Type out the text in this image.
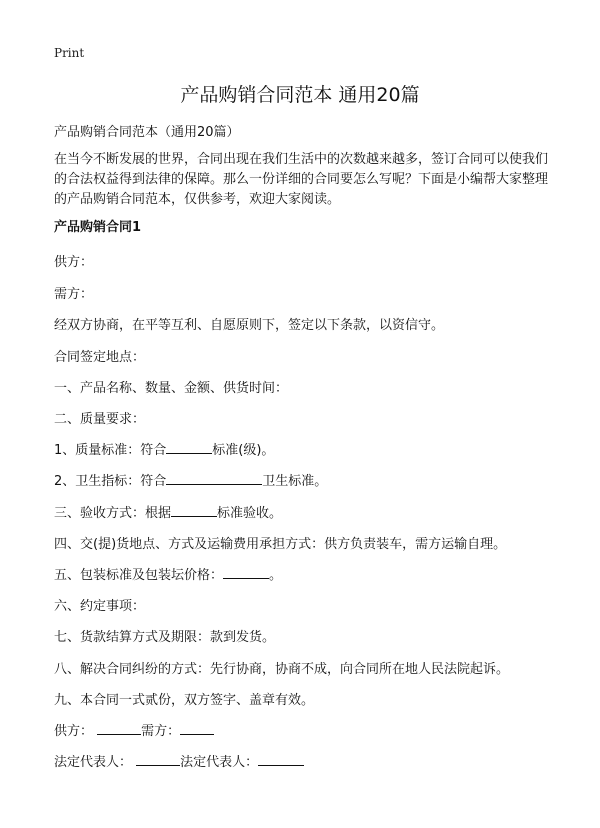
Print
产品购销合同范本 通用20篇

产品购销合同范本（通用20篇）

在当今不断发展的世界，合同出现在我们生活中的次数越来越多，签订合同可以使我们的合法权益得到法律的保障。那么一份详细的合同要怎么写呢？下面是小编帮大家整理的产品购销合同范本，仅供参考，欢迎大家阅读。

产品购销合同1

供方：

需方：

经双方协商，在平等互利、自愿原则下，签定以下条款，以资信守。

合同签定地点：

一、产品名称、数量、金额、供货时间：

二、质量要求：

1、质量标准：符合	标准(级)。

2、卫生指标：符合	卫生标准。

三、验收方式：根据	标准验收。

四、交(提)货地点、方式及运输费用承担方式：供方负责装车，需方运输自理。

五、包装标准及包装坛价格：	。

六、约定事项：

七、货款结算方式及期限：款到发货。

八、解决合同纠纷的方式：先行协商，协商不成，向合同所在地人民法院起诉。

九、本合同一式贰份，双方签字、盖章有效。

供方：	需方：

法定代表人：	法定代表人：
